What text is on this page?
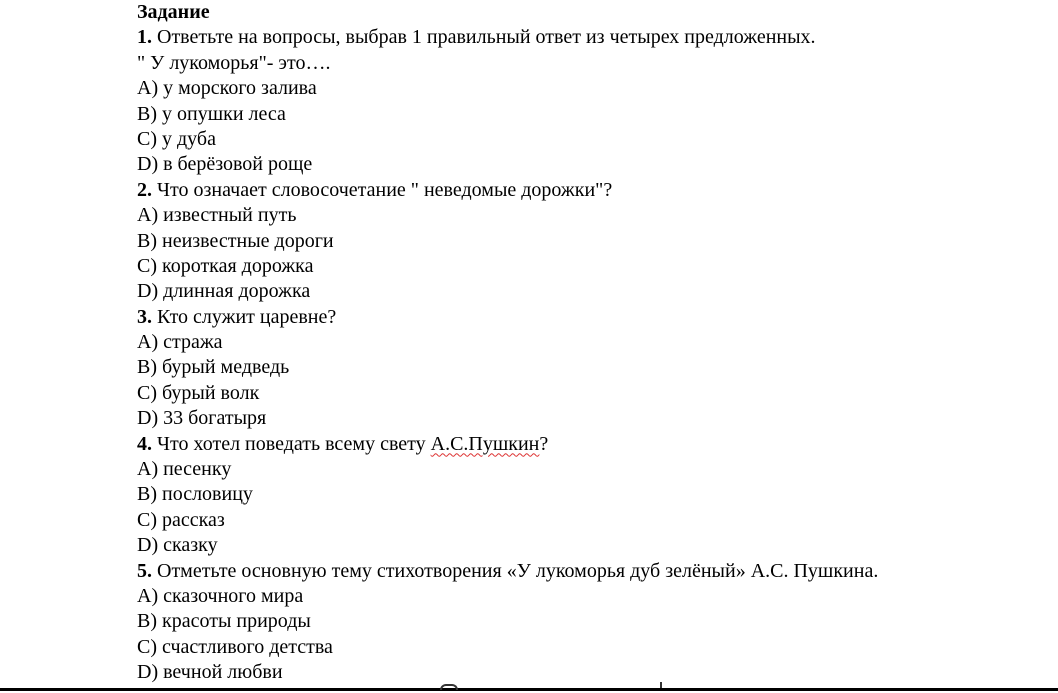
Задание
1. Ответьте на вопросы, выбрав 1 правильный ответ из четырех предложенных.
" У лукоморья"- это….
A) у морского залива
B) у опушки леса
C) у дуба
D) в берёзовой роще
2. Что означает словосочетание " неведомые дорожки"?
A) известный путь
B) неизвестные дороги
C) короткая дорожка
D) длинная дорожка
3. Кто служит царевне?
A) стража
B) бурый медведь
C) бурый волк
D) 33 богатыря
4. Что хотел поведать всему свету А.С.Пушкин?
A) песенку
B) пословицу
C) рассказ
D) сказку
5. Отметьте основную тему стихотворения «У лукоморья дуб зелёный» А.С. Пушкина.
A) сказочного мира
B) красоты природы
C) счастливого детства
D) вечной любви
